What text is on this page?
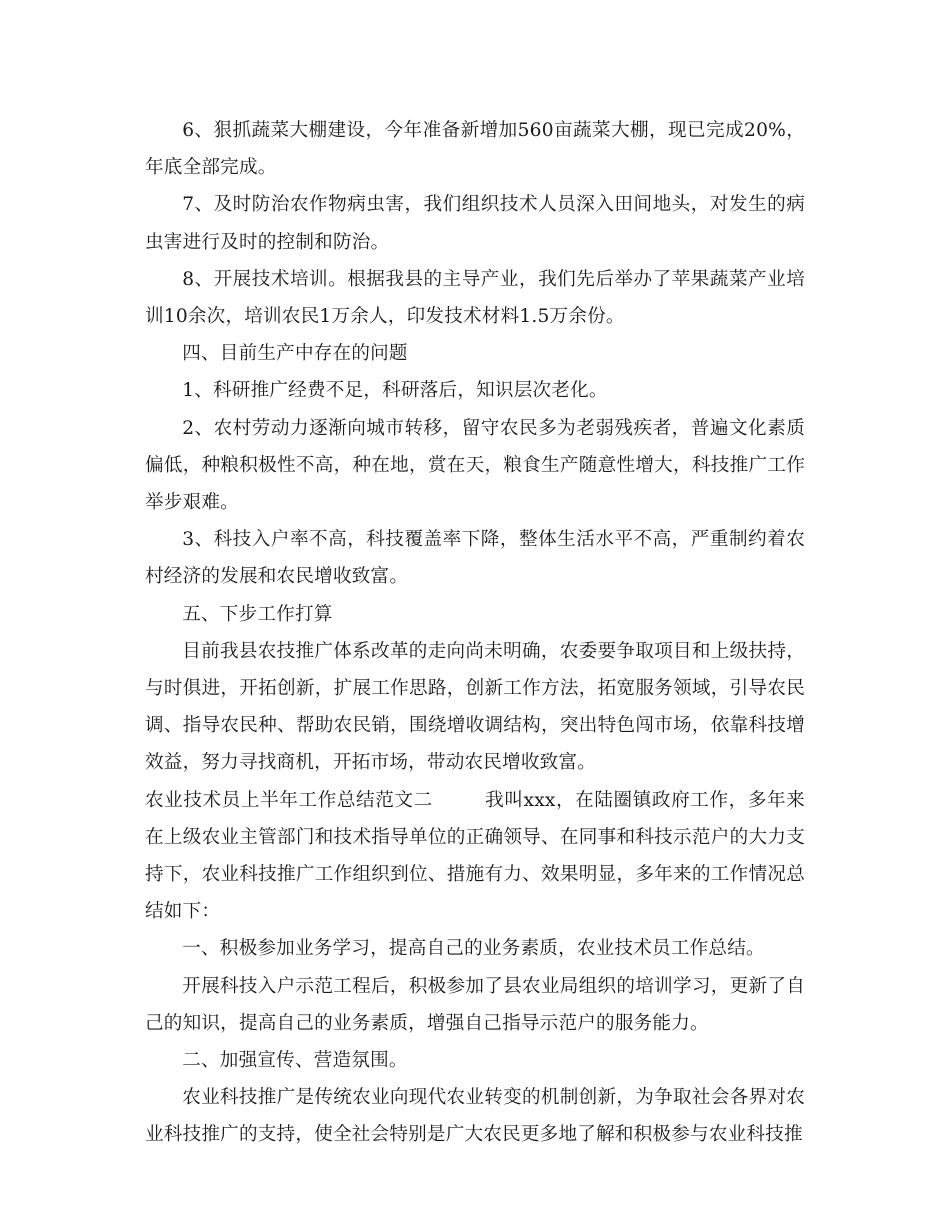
6、狠抓蔬菜大棚建设，今年准备新增加560亩蔬菜大棚，现已完成20%，年底全部完成。

7、及时防治农作物病虫害，我们组织技术人员深入田间地头，对发生的病虫害进行及时的控制和防治。

8、开展技术培训。根据我县的主导产业，我们先后举办了苹果蔬菜产业培训10余次，培训农民1万余人，印发技术材料1.5万余份。

四、目前生产中存在的问题

1、科研推广经费不足，科研落后，知识层次老化。

2、农村劳动力逐渐向城市转移，留守农民多为老弱残疾者，普遍文化素质偏低，种粮积极性不高，种在地，赏在天，粮食生产随意性增大，科技推广工作举步艰难。

3、科技入户率不高，科技覆盖率下降，整体生活水平不高，严重制约着农村经济的发展和农民增收致富。

五、下步工作打算

目前我县农技推广体系改革的走向尚未明确，农委要争取项目和上级扶持，与时俱进，开拓创新，扩展工作思路，创新工作方法，拓宽服务领域，引导农民调、指导农民种、帮助农民销，围绕增收调结构，突出特色闯市场，依靠科技增效益，努力寻找商机，开拓市场，带动农民增收致富。

农业技术员上半年工作总结范文二	我叫xxx，在陆圈镇政府工作，多年来在上级农业主管部门和技术指导单位的正确领导、在同事和科技示范户的大力支持下，农业科技推广工作组织到位、措施有力、效果明显，多年来的工作情况总结如下：

一、积极参加业务学习，提高自己的业务素质，农业技术员工作总结。

开展科技入户示范工程后，积极参加了县农业局组织的培训学习，更新了自己的知识，提高自己的业务素质，增强自己指导示范户的服务能力。

二、加强宣传、营造氛围。

农业科技推广是传统农业向现代农业转变的机制创新，为争取社会各界对农业科技推广的支持，使全社会特别是广大农民更多地了解和积极参与农业科技推
